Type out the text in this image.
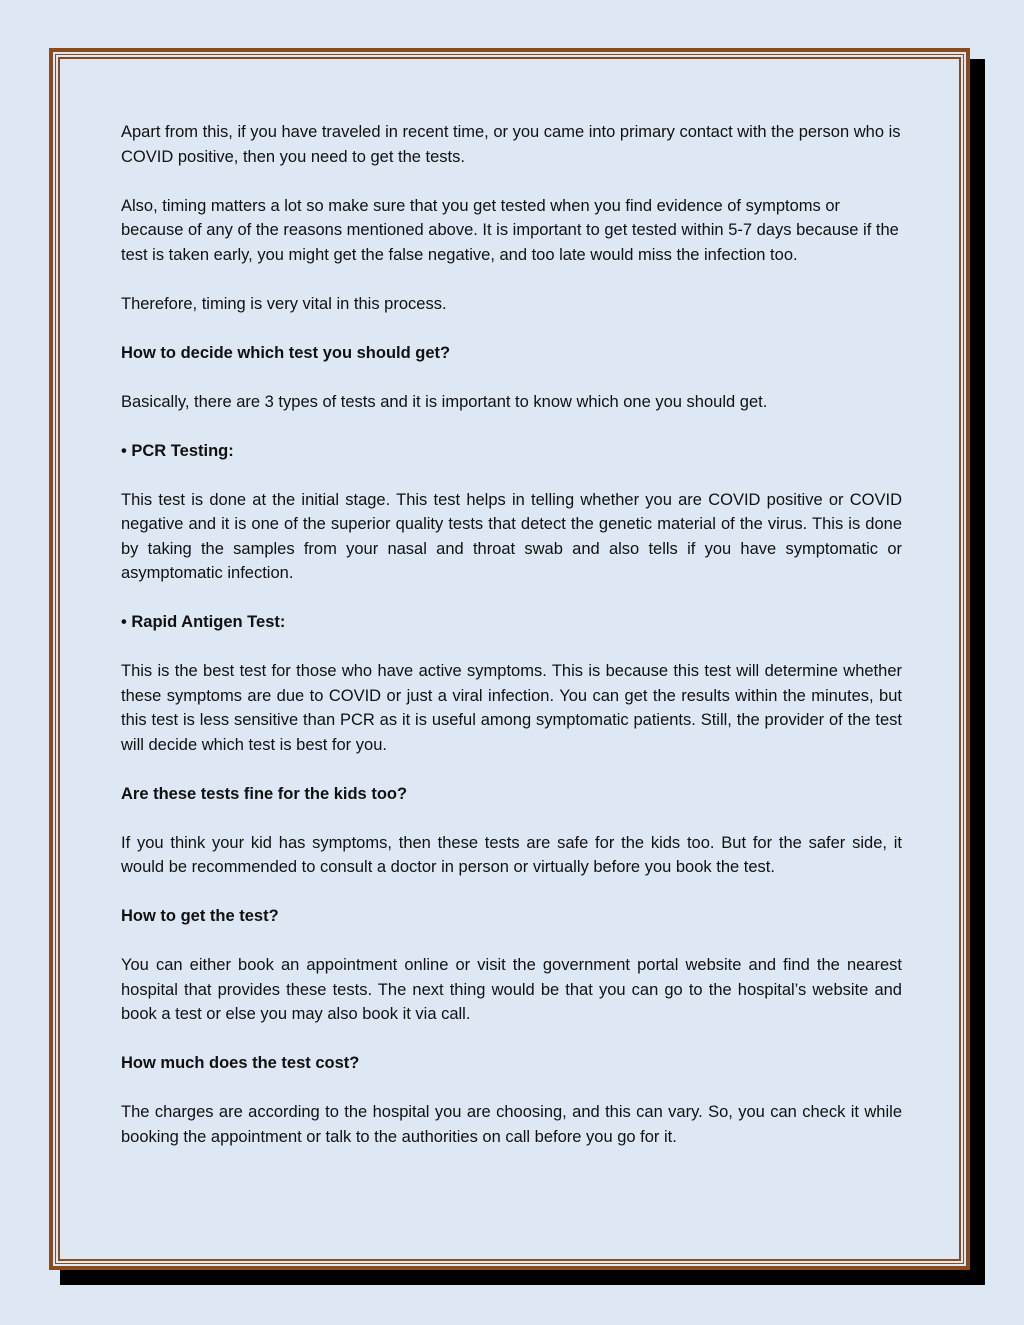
Apart from this, if you have traveled in recent time, or you came into primary contact with the person who is COVID positive, then you need to get the tests.

Also, timing matters a lot so make sure that you get tested when you find evidence of symptoms or because of any of the reasons mentioned above. It is important to get tested within 5-7 days because if the test is taken early, you might get the false negative, and too late would miss the infection too.

Therefore, timing is very vital in this process.

How to decide which test you should get?

Basically, there are 3 types of tests and it is important to know which one you should get.

• PCR Testing:

This test is done at the initial stage. This test helps in telling whether you are COVID positive or COVID negative and it is one of the superior quality tests that detect the genetic material of the virus. This is done by taking the samples from your nasal and throat swab and also tells if you have symptomatic or asymptomatic infection.

• Rapid Antigen Test:

This is the best test for those who have active symptoms. This is because this test will determine whether these symptoms are due to COVID or just a viral infection. You can get the results within the minutes, but this test is less sensitive than PCR as it is useful among symptomatic patients. Still, the provider of the test will decide which test is best for you.

Are these tests fine for the kids too?

If you think your kid has symptoms, then these tests are safe for the kids too. But for the safer side, it would be recommended to consult a doctor in person or virtually before you book the test.

How to get the test?

You can either book an appointment online or visit the government portal website and find the nearest hospital that provides these tests. The next thing would be that you can go to the hospital’s website and book a test or else you may also book it via call.

How much does the test cost?

The charges are according to the hospital you are choosing, and this can vary. So, you can check it while booking the appointment or talk to the authorities on call before you go for it.
